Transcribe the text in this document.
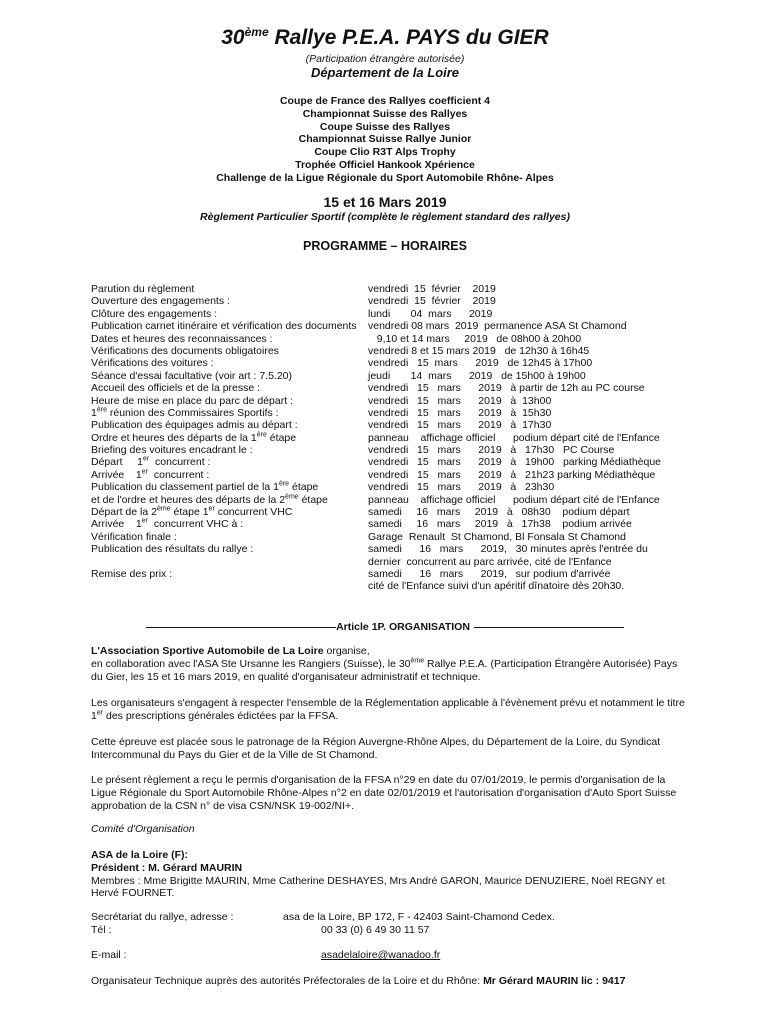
30ème Rallye P.E.A. PAYS du GIER
(Participation étrangère autorisée)
Département de la Loire
Coupe de France des Rallyes coefficient 4
Championnat Suisse des Rallyes
Coupe Suisse des Rallyes
Championnat Suisse Rallye Junior
Coupe Clio R3T Alps Trophy
Trophée Officiel Hankook Xpérience
Challenge de la Ligue Régionale du Sport Automobile Rhône- Alpes
15 et 16 Mars 2019
Règlement Particulier Sportif (complète le règlement standard des rallyes)
PROGRAMME – HORAIRES
Parution du règlement	vendredi  15  février    2019
Ouverture des engagements :	vendredi  15  février    2019
Clôture des engagements :	lundi       04  mars      2019
Publication carnet itinéraire et vérification des documents vendredi 08 mars  2019  permanence ASA St Chamond
Dates et heures des reconnaissances :	9,10 et 14 mars     2019   de 08h00 à 20h00
Vérifications des documents obligatoires	vendredi 8 et 15 mars 2019   de 12h30 à 16h45
Vérifications des voitures :	vendredi   15  mars      2019   de 12h45 à 17h00
Séance d'essai facultative (voir art : 7.5.20)	jeudi       14  mars      2019   de 15h00 à 19h00
Accueil des officiels et de la presse :	vendredi   15   mars      2019   à partir de 12h au PC course
Heure de mise en place du parc de départ :	vendredi   15   mars      2019   à  13h00
1ère réunion des Commissaires Sportifs :	vendredi   15   mars      2019   à  15h30
Publication des équipages admis au départ :	vendredi   15   mars      2019   à  17h30
Ordre et heures des départs de la 1ère étape	panneau    affichage officiel      podium départ cité de l'Enfance
Briefing des voitures encadrant le :	vendredi   15   mars      2019   à   17h30   PC Course
Départ     1er  concurrent :	vendredi   15   mars      2019   à   19h00   parking Médiathèque
Arrivée    1er  concurrent :	vendredi   15   mars      2019   à   21h23 parking Médiathèque
Publication du classement partiel de la 1ère étape	vendredi   15   mars      2019   à   23h30
et de l'ordre et heures des départs de la 2ème étape	panneau    affichage officiel      podium départ cité de l'Enfance
Départ de la 2ème étape 1er concurrent VHC	samedi     16   mars     2019   à   08h30    podium départ
Arrivée    1er  concurrent VHC à :	samedi     16   mars     2019   à   17h38    podium arrivée
Vérification finale :	Garage  Renault  St Chamond, Bl Fonsala St Chamond
Publication des résultats du rallye :	samedi      16   mars      2019,   30 minutes après l'entrée du
dernier  concurrent au parc arrivée, cité de l'Enfance
Remise des prix :	samedi      16   mars      2019,   sur podium d'arrivée
cité de l'Enfance suivi d'un apéritif dînatoire dès 20h30.
Article 1P. ORGANISATION
L'Association Sportive Automobile de La Loire organise,
en collaboration avec l'ASA Ste Ursanne les Rangiers (Suisse), le 30ème Rallye P.E.A. (Participation Étrangère Autorisée) Pays du Gier, les 15 et 16 mars 2019, en qualité d'organisateur administratif et technique.
Les organisateurs s'engagent à respecter l'ensemble de la Réglementation applicable à l'évènement prévu et notamment le titre 1er des prescriptions générales édictées par la FFSA.
Cette épreuve est placée sous le patronage de la Région Auvergne-Rhône Alpes, du Département de la Loire, du Syndicat Intercommunal du Pays du Gier et de la Ville de St Chamond.
Le présent règlement a reçu le permis d'organisation de la FFSA n°29 en date du 07/01/2019, le permis d'organisation de la Ligue Régionale du Sport Automobile Rhône-Alpes n°2 en date 02/01/2019 et l'autorisation d'organisation d'Auto Sport Suisse approbation de la CSN n° de visa CSN/NSK 19-002/NI+.
Comité d'Organisation
ASA de la Loire (F):
Président : M. Gérard MAURIN
Membres : Mme Brigitte MAURIN, Mme Catherine DESHAYES, Mrs André GARON, Maurice DENUZIERE, Noël REGNY et Hervé FOURNET.
Secrétariat du rallye, adresse :	asa de la Loire, BP 172, F - 42403 Saint-Chamond Cedex.
Tél :	00 33 (0) 6 49 30 11 57
E-mail :	asadelaloire@wanadoo.fr
Organisateur Technique auprès des autorités Préfectorales de la Loire et du Rhône: Mr Gérard MAURIN lic : 9417
